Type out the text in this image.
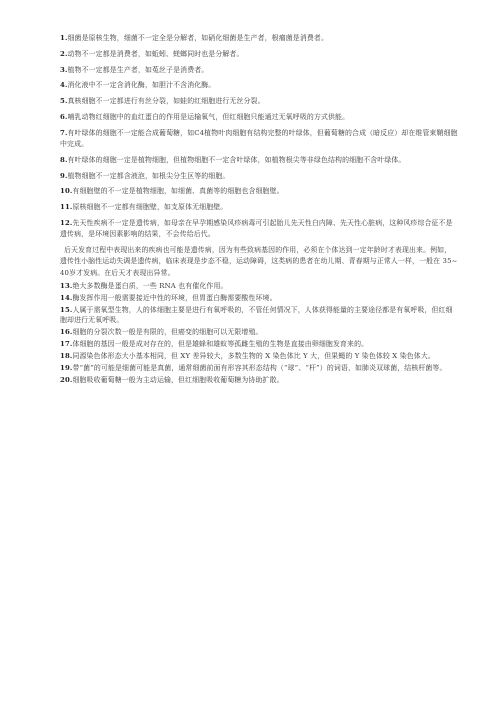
1.细菌是原核生物，细菌不一定全是分解者，如硝化细菌是生产者，根瘤菌是消费者。

2.动物不一定都是消费者，如蚯蚓、蜣螂同时也是分解者。

3.植物不一定都是生产者，如菟丝子是消费者。

4.消化液中不一定含消化酶，如胆汁不含消化酶。

5.真核细胞不一定都进行有丝分裂，如蛙的红细胞进行无丝分裂。

6.哺乳动物红细胞中的血红蛋白的作用是运输氧气，但红细胞只能通过无氧呼吸的方式供能。

7.有叶绿体的细胞不一定能合成葡萄糖，如C4植物叶肉细胞有结构完整的叶绿体，但葡萄糖的合成（暗反应）却在维管束鞘细胞中完成。

8.有叶绿体的细胞一定是植物细胞，但植物细胞不一定含叶绿体，如植物根尖等非绿色结构的细胞不含叶绿体。

9.植物细胞不一定都含液泡，如根尖分生区等的细胞。

10.有细胞壁的不一定是植物细胞，如细菌、真菌等的细胞也含细胞壁。

11.原核细胞不一定都有细胞壁，如支原体无细胞壁。

12.先天性疾病不一定是遗传病，如母亲在早孕期感染风疹病毒可引起胎儿先天性白内障、先天性心脏病，这种风疹综合征不是遗传病，是环境因素影响的结果，不会传给后代。

后天发育过程中表现出来的疾病也可能是遗传病，因为有些致病基因的作用，必须在个体达到一定年龄时才表现出来。例如，遗传性小脑性运动失调是遗传病，临床表现是步态不稳，运动障碍，这类病的患者在幼儿期、青春期与正常人一样，一般在 35~40岁才发病。在后天才表现出异常。

13.绝大多数酶是蛋白质，一些 RNA 也有催化作用。

14.酶发挥作用一般需要接近中性的环境，但胃蛋白酶需要酸性环境。

15.人属于需氧型生物，人的体细胞主要是进行有氧呼吸的，不管任何情况下，人体获得能量的主要途径都是有氧呼吸，但红细胞却进行无氧呼吸。

16.细胞的分裂次数一般是有限的，但癌变的细胞可以无限增殖。

17.体细胞的基因一般是成对存在的，但是雄蜂和雄蚁等孤雌生殖的生物是直接由卵细胞发育来的。

18.同源染色体形态大小基本相同，但 XY 差异较大，多数生物的 X 染色体比 Y 大，但果蝇的 Y 染色体较 X 染色体大。

19.带“菌”的可能是细菌可能是真菌，通常细菌前面有形容其形态结构（“球”、“杆”）的词语，如肺炎双球菌，结核杆菌等。

20.细胞吸收葡萄糖一般为主动运输，但红细胞吸收葡萄糖为协助扩散。
